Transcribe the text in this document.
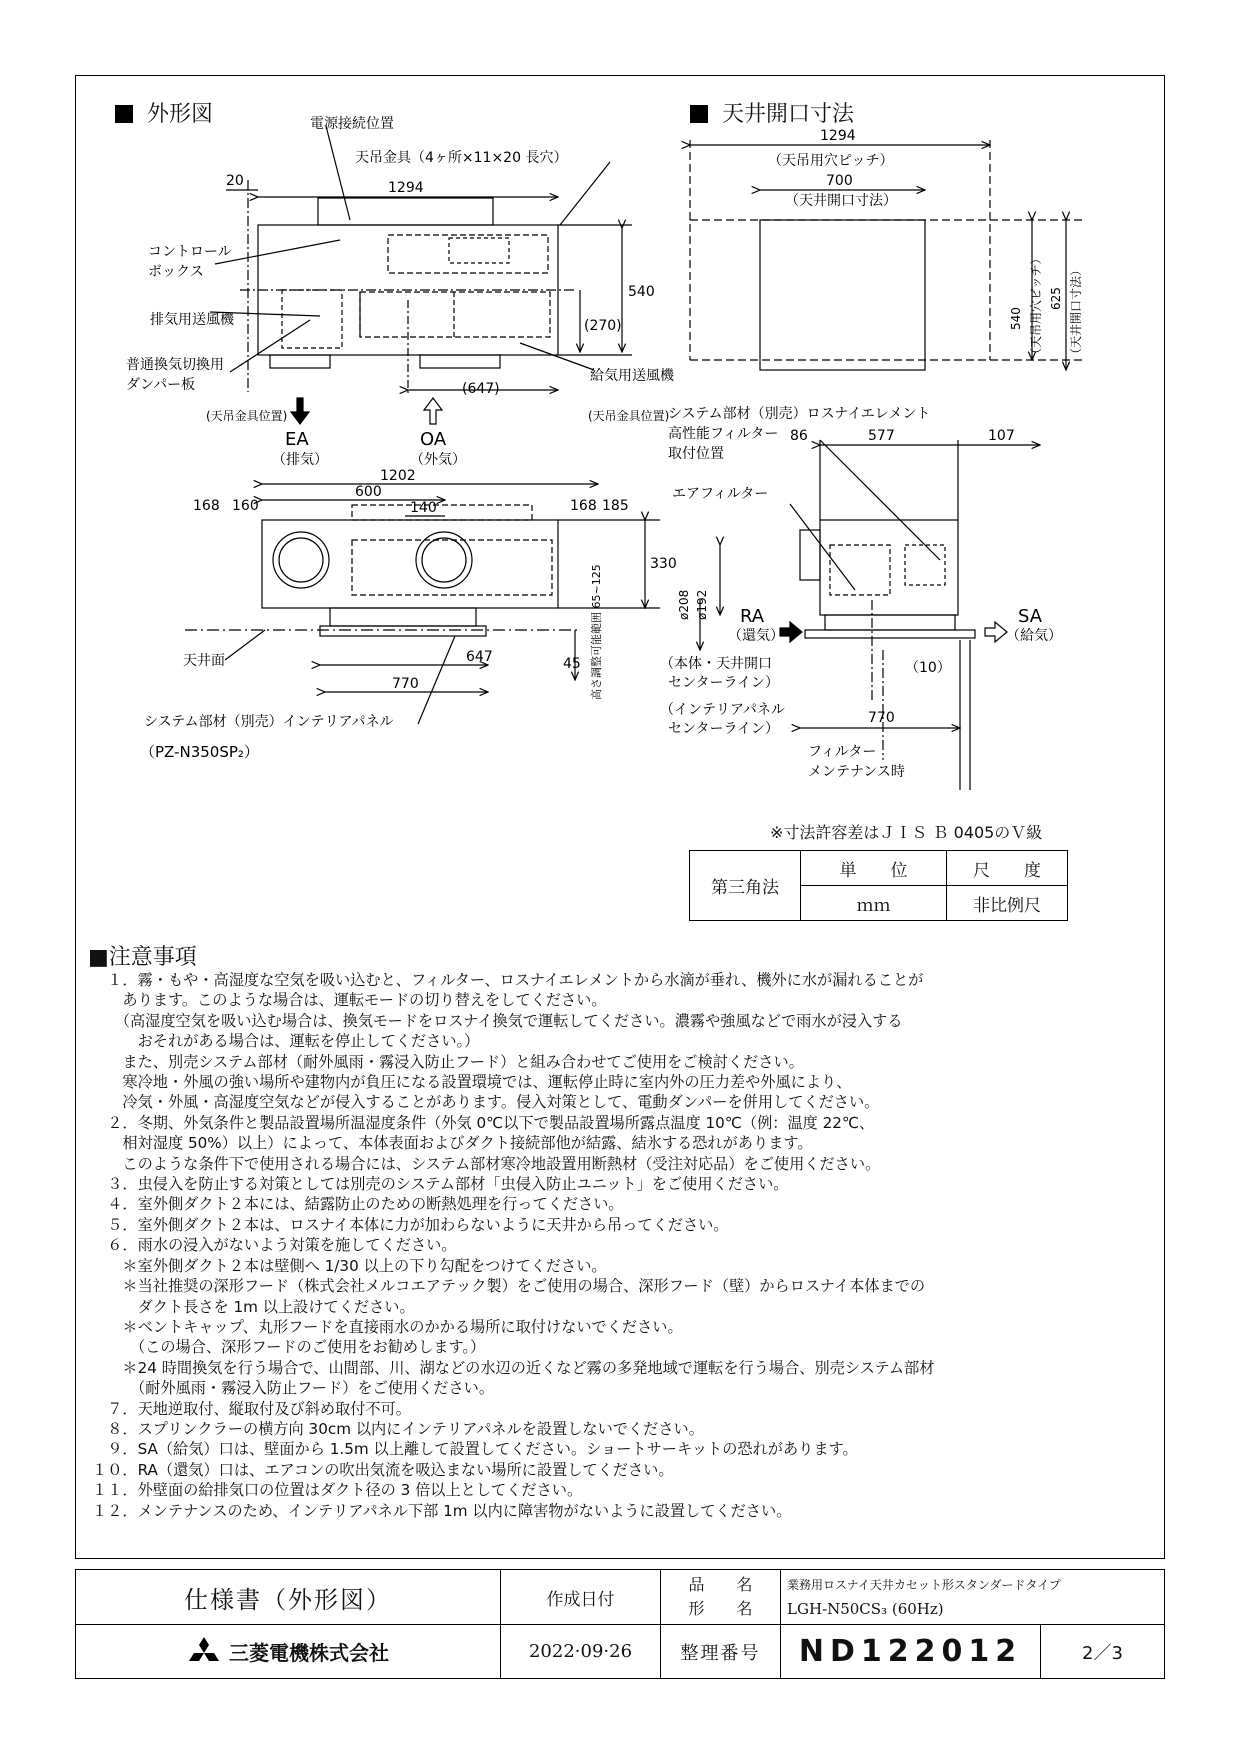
外形図	天井開口寸法
電源接続位置
天吊金具（4ヶ所×11×20 長穴）
20	1294
コントロール
ボックス
排気用送風機
普通換気切換用
ダンパー板
540
(270)
給気用送風機
(647)
EA
（排気）
OA
（外気）
(天吊金具位置)	(天吊金具位置)
168 160	168 185
1202
600
140
330
天井面	647	45
770	高さ調整可能範囲 65~125
システム部材（別売）インテリアパネル
（PZ-N350SP₂）
1294
（天吊用穴ピッチ）
700
（天井開口寸法）
540 （天吊用穴ピッチ） 625 （天井開口寸法）
システム部材（別売）ロスナイエレメント
高性能フィルター
取付位置
86	577	107
エアフィルター
ø208 ø192 RA
（還気）
SA
（給気）
（本体・天井開口
センターライン）
（10）
（インテリアパネル
センターライン）
770
フィルター
メンテナンス時
※寸法許容差はＪＩＳ Ｂ 0405のＶ級
第三角法	単　　位	尺　　度
	ｍｍ	非比例尺
■注意事項
　１．霧・もや・高湿度な空気を吸い込むと、フィルター、ロスナイエレメントから水滴が垂れ、機外に水が漏れることが
　　あります。このような場合は、運転モードの切り替えをしてください。
　　（高湿度空気を吸い込む場合は、換気モードをロスナイ換気で運転してください。濃霧や強風などで雨水が浸入する
　　　おそれがある場合は、運転を停止してください。）
　　また、別売システム部材（耐外風雨・霧浸入防止フード）と組み合わせてご使用をご検討ください。
　　寒冷地・外風の強い場所や建物内が負圧になる設置環境では、運転停止時に室内外の圧力差や外風により、
　　冷気・外風・高湿度空気などが侵入することがあります。侵入対策として、電動ダンパーを併用してください。
　２．冬期、外気条件と製品設置場所温湿度条件（外気 0℃以下で製品設置場所露点温度 10℃（例：温度 22℃、
　　相対湿度 50%）以上）によって、本体表面およびダクト接続部他が結露、結氷する恐れがあります。
　　このような条件下で使用される場合には、システム部材寒冷地設置用断熱材（受注対応品）をご使用ください。
　３．虫侵入を防止する対策としては別売のシステム部材「虫侵入防止ユニット」をご使用ください。
　４．室外側ダクト２本には、結露防止のための断熱処理を行ってください。
　５．室外側ダクト２本は、ロスナイ本体に力が加わらないように天井から吊ってください。
　６．雨水の浸入がないよう対策を施してください。
　　＊室外側ダクト２本は壁側へ 1/30 以上の下り勾配をつけてください。
　　＊当社推奨の深形フード（株式会社メルコエアテック製）をご使用の場合、深形フード（壁）からロスナイ本体までの
　　　ダクト長さを 1m 以上設けてください。
　　＊ベントキャップ、丸形フードを直接雨水のかかる場所に取付けないでください。
　　　（この場合、深形フードのご使用をお勧めします。）
　　＊24 時間換気を行う場合で、山間部、川、湖などの水辺の近くなど霧の多発地域で運転を行う場合、別売システム部材
　　　（耐外風雨・霧浸入防止フード）をご使用ください。
　７．天地逆取付、縦取付及び斜め取付不可。
　８．スプリンクラーの横方向 30cm 以内にインテリアパネルを設置しないでください。
　９．SA（給気）口は、壁面から 1.5m 以上離して設置してください。ショートサーキットの恐れがあります。
１０．RA（還気）口は、エアコンの吹出気流を吸込まない場所に設置してください。
１１．外壁面の給排気口の位置はダクト径の 3 倍以上としてください。
１２．メンテナンスのため、インテリアパネル下部 1m 以内に障害物がないように設置してください。
仕様書（外形図）	作成日付
品　　名
形　　名
業務用ロスナイ天井カセット形スタンダードタイプ
LGH-N50CS₃ (60Hz)
三菱電機株式会社	2022·09·26	整理番号	ND122012	2／3
